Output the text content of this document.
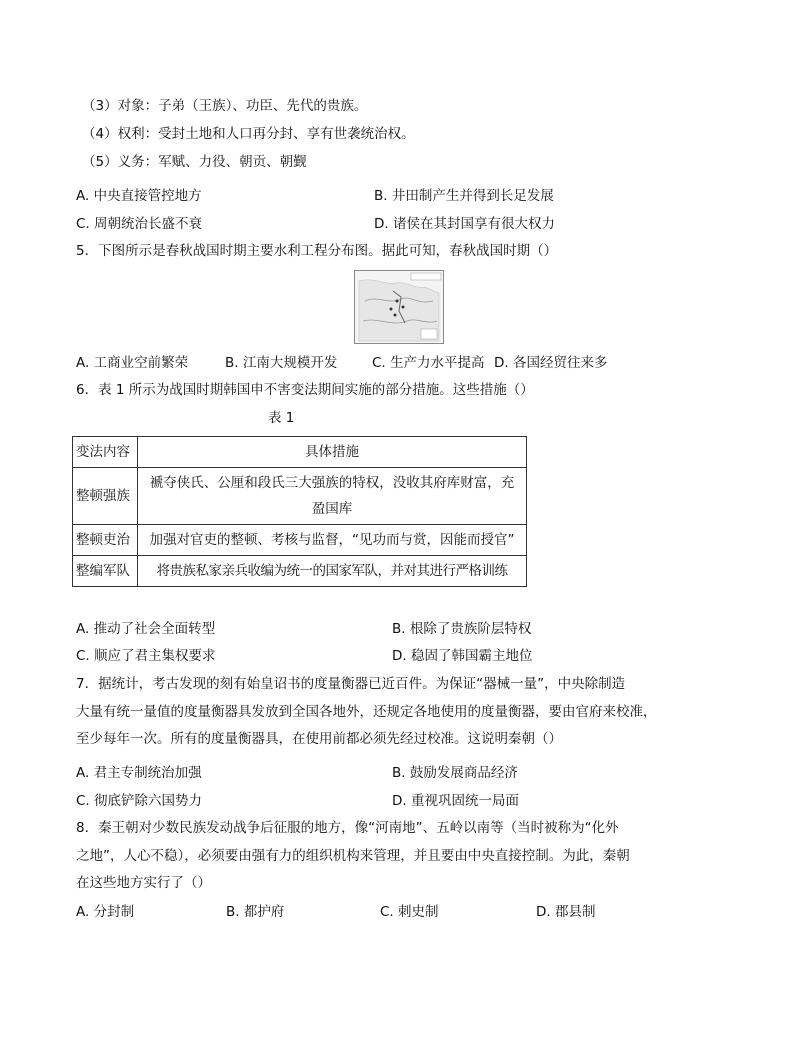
（3）对象：子弟（王族）、功臣、先代的贵族。
（4）权利：受封土地和人口再分封、享有世袭统治权。
（5）义务：军赋、力役、朝贡、朝觐
A. 中央直接管控地方	B. 井田制产生并得到长足发展
C. 周朝统治长盛不衰	D. 诸侯在其封国享有很大权力
5．下图所示是春秋战国时期主要水利工程分布图。据此可知，春秋战国时期（）
A. 工商业空前繁荣	B. 江南大规模开发	C. 生产力水平提高 D. 各国经贸往来多
6．表 1 所示为战国时期韩国申不害变法期间实施的部分措施。这些措施（）
表 1
变法内容	具体措施
整顿强族	褫夺侠氏、公厘和段氏三大强族的特权，没收其府库财富，充盈国库
整顿吏治	加强对官吏的整顿、考核与监督，“见功而与赏，因能而授官”
整编军队	将贵族私家亲兵收编为统一的国家军队，并对其进行严格训练
A. 推动了社会全面转型	B. 根除了贵族阶层特权
C. 顺应了君主集权要求	D. 稳固了韩国霸主地位
7．据统计，考古发现的刻有始皇诏书的度量衡器已近百件。为保证“器械一量”，中央除制造
大量有统一量值的度量衡器具发放到全国各地外，还规定各地使用的度量衡器，要由官府来校准，
至少每年一次。所有的度量衡器具，在使用前都必须先经过校准。这说明秦朝（）
A. 君主专制统治加强	B. 鼓励发展商品经济
C. 彻底铲除六国势力	D. 重视巩固统一局面
8．秦王朝对少数民族发动战争后征服的地方，像“河南地”、五岭以南等（当时被称为“化外
之地”，人心不稳），必须要由强有力的组织机构来管理，并且要由中央直接控制。为此，秦朝
在这些地方实行了（）
A. 分封制	B. 都护府	C. 刺史制	D. 郡县制
